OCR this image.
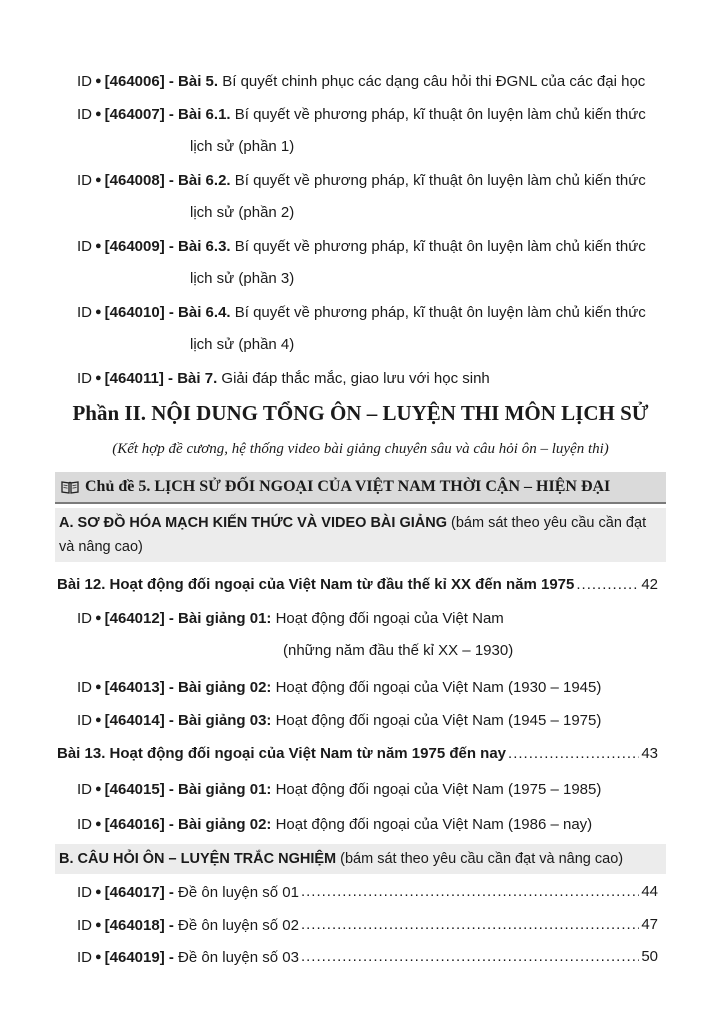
ID ● [464006] - Bài 5. Bí quyết chinh phục các dạng câu hỏi thi ĐGNL của các đại học
ID ● [464007] - Bài 6.1. Bí quyết về phương pháp, kĩ thuật ôn luyện làm chủ kiến thức
lịch sử (phần 1)
ID ● [464008] - Bài 6.2. Bí quyết về phương pháp, kĩ thuật ôn luyện làm chủ kiến thức
lịch sử (phần 2)
ID ● [464009] - Bài 6.3. Bí quyết về phương pháp, kĩ thuật ôn luyện làm chủ kiến thức
lịch sử (phần 3)
ID ● [464010] - Bài 6.4. Bí quyết về phương pháp, kĩ thuật ôn luyện làm chủ kiến thức
lịch sử (phần 4)
ID ● [464011] - Bài 7. Giải đáp thắc mắc, giao lưu với học sinh
Phần II. NỘI DUNG TỔNG ÔN – LUYỆN THI MÔN LỊCH SỬ
(Kết hợp đề cương, hệ thống video bài giảng chuyên sâu và câu hỏi ôn – luyện thi)
Chủ đề 5. LỊCH SỬ ĐỐI NGOẠI CỦA VIỆT NAM THỜI CẬN – HIỆN ĐẠI
A. SƠ ĐỒ HÓA MẠCH KIẾN THỨC VÀ VIDEO BÀI GIẢNG (bám sát theo yêu cầu cần đạt
và nâng cao)
Bài 12. Hoạt động đối ngoại của Việt Nam từ đầu thế kỉ XX đến năm 1975 .....	42
ID ● [464012] - Bài giảng 01: Hoạt động đối ngoại của Việt Nam
(những năm đầu thế kỉ XX – 1930)
ID ● [464013] - Bài giảng 02: Hoạt động đối ngoại của Việt Nam (1930 – 1945)
ID ● [464014] - Bài giảng 03: Hoạt động đối ngoại của Việt Nam (1945 – 1975)
Bài 13. Hoạt động đối ngoại của Việt Nam từ năm 1975 đến nay .....	43
ID ● [464015] - Bài giảng 01: Hoạt động đối ngoại của Việt Nam (1975 – 1985)
ID ● [464016] - Bài giảng 02: Hoạt động đối ngoại của Việt Nam (1986 – nay)
B. CÂU HỎI ÔN – LUYỆN TRẮC NGHIỆM (bám sát theo yêu cầu cần đạt và nâng cao)
ID ● [464017] - Đề ôn luyện số 01 .....	44
ID ● [464018] - Đề ôn luyện số 02 .....	47
ID ● [464019] - Đề ôn luyện số 03 .....	50
